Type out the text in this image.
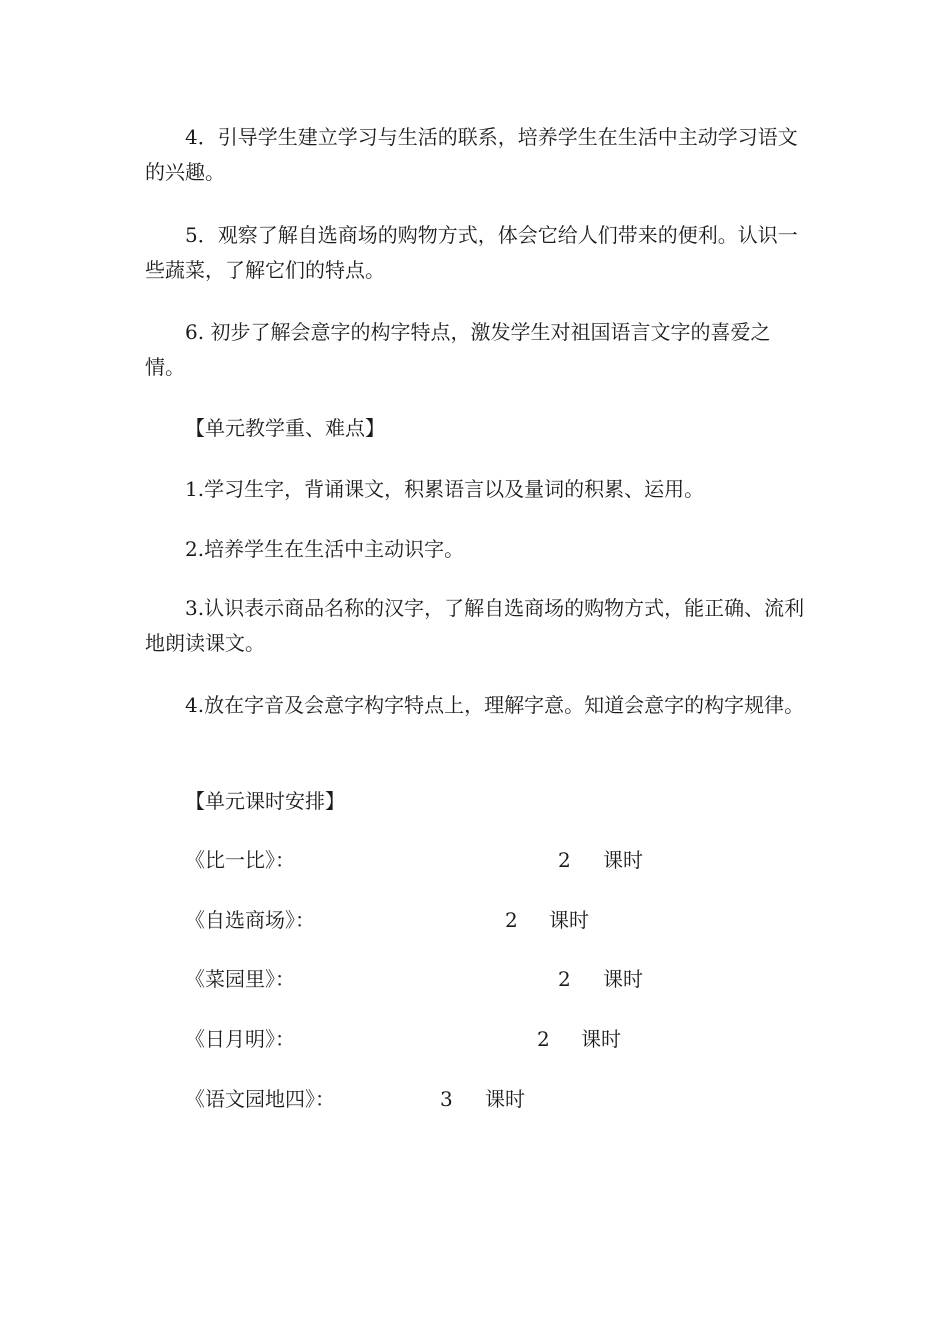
4．引导学生建立学习与生活的联系，培养学生在生活中主动学习语文的兴趣。

5．观察了解自选商场的购物方式，体会它给人们带来的便利。认识一些蔬菜，了解它们的特点。

6. 初步了解会意字的构字特点，激发学生对祖国语言文字的喜爱之情。

【单元教学重、难点】

1.学习生字，背诵课文，积累语言以及量词的积累、运用。

2.培养学生在生活中主动识字。

3.认识表示商品名称的汉字，了解自选商场的购物方式，能正确、流利地朗读课文。

4.放在字音及会意字构字特点上，理解字意。知道会意字的构字规律。

【单元课时安排】

《比一比》：	2 课时
《自选商场》：	2 课时
《菜园里》：	2 课时
《日月明》：	2 课时
《语文园地四》：	3 课时
